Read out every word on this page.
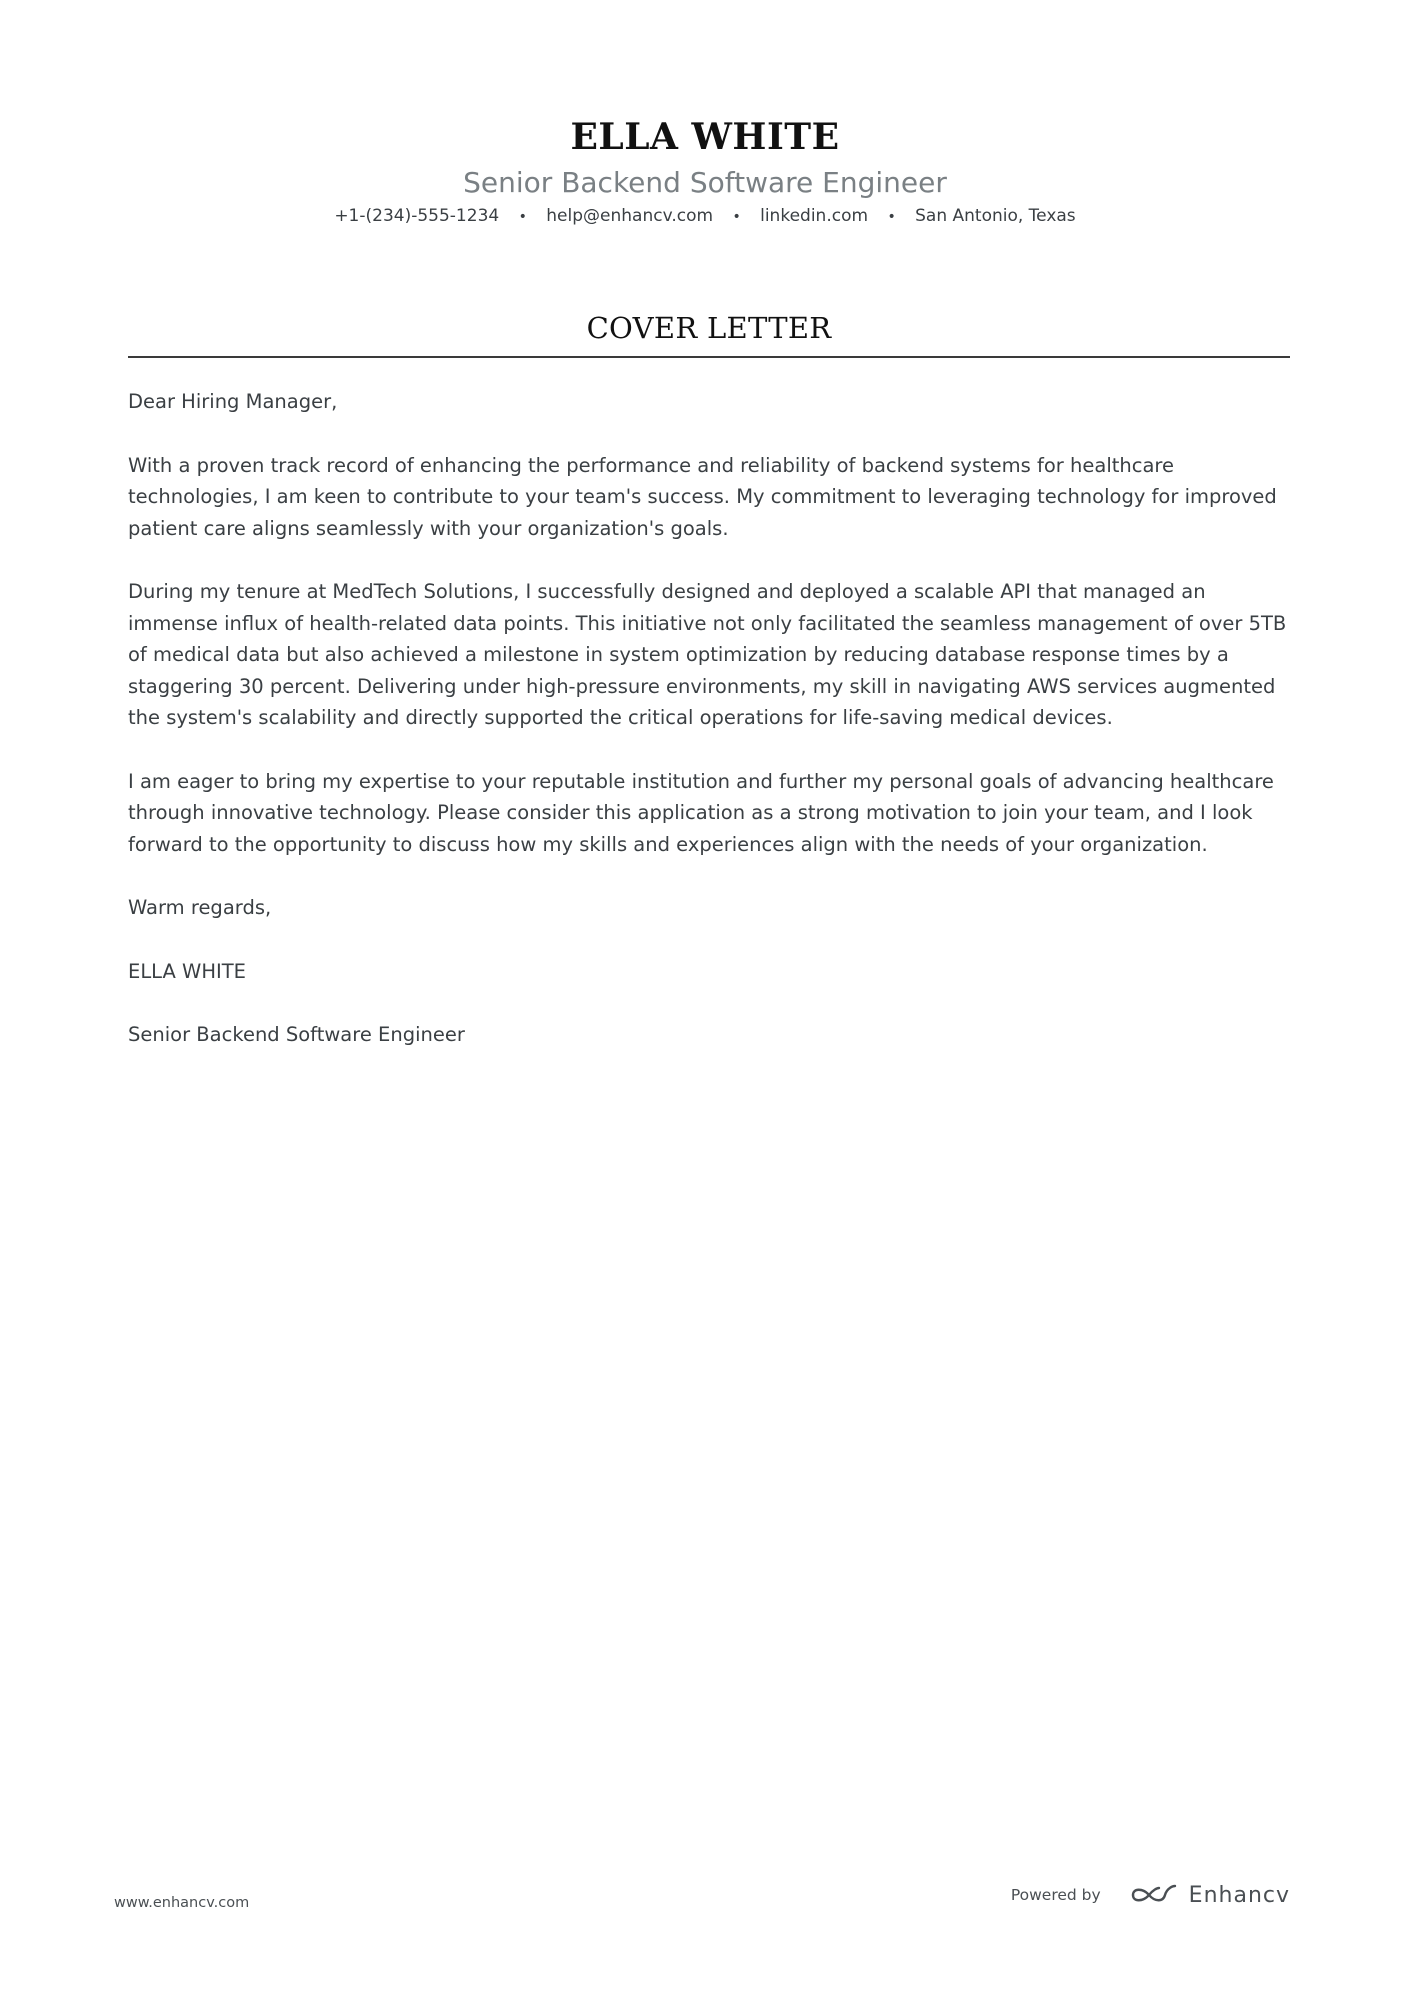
ELLA WHITE
Senior Backend Software Engineer
+1-(234)-555-1234 • help@enhancv.com • linkedin.com • San Antonio, Texas
COVER LETTER

Dear Hiring Manager,

With a proven track record of enhancing the performance and reliability of backend systems for healthcare technologies, I am keen to contribute to your team's success. My commitment to leveraging technology for improved patient care aligns seamlessly with your organization's goals.

During my tenure at MedTech Solutions, I successfully designed and deployed a scalable API that managed an immense influx of health-related data points. This initiative not only facilitated the seamless management of over 5TB of medical data but also achieved a milestone in system optimization by reducing database response times by a staggering 30 percent. Delivering under high-pressure environments, my skill in navigating AWS services augmented the system's scalability and directly supported the critical operations for life-saving medical devices.

I am eager to bring my expertise to your reputable institution and further my personal goals of advancing healthcare through innovative technology. Please consider this application as a strong motivation to join your team, and I look forward to the opportunity to discuss how my skills and experiences align with the needs of your organization.

Warm regards,

ELLA WHITE

Senior Backend Software Engineer

www.enhancv.com	Powered by	Enhancv
